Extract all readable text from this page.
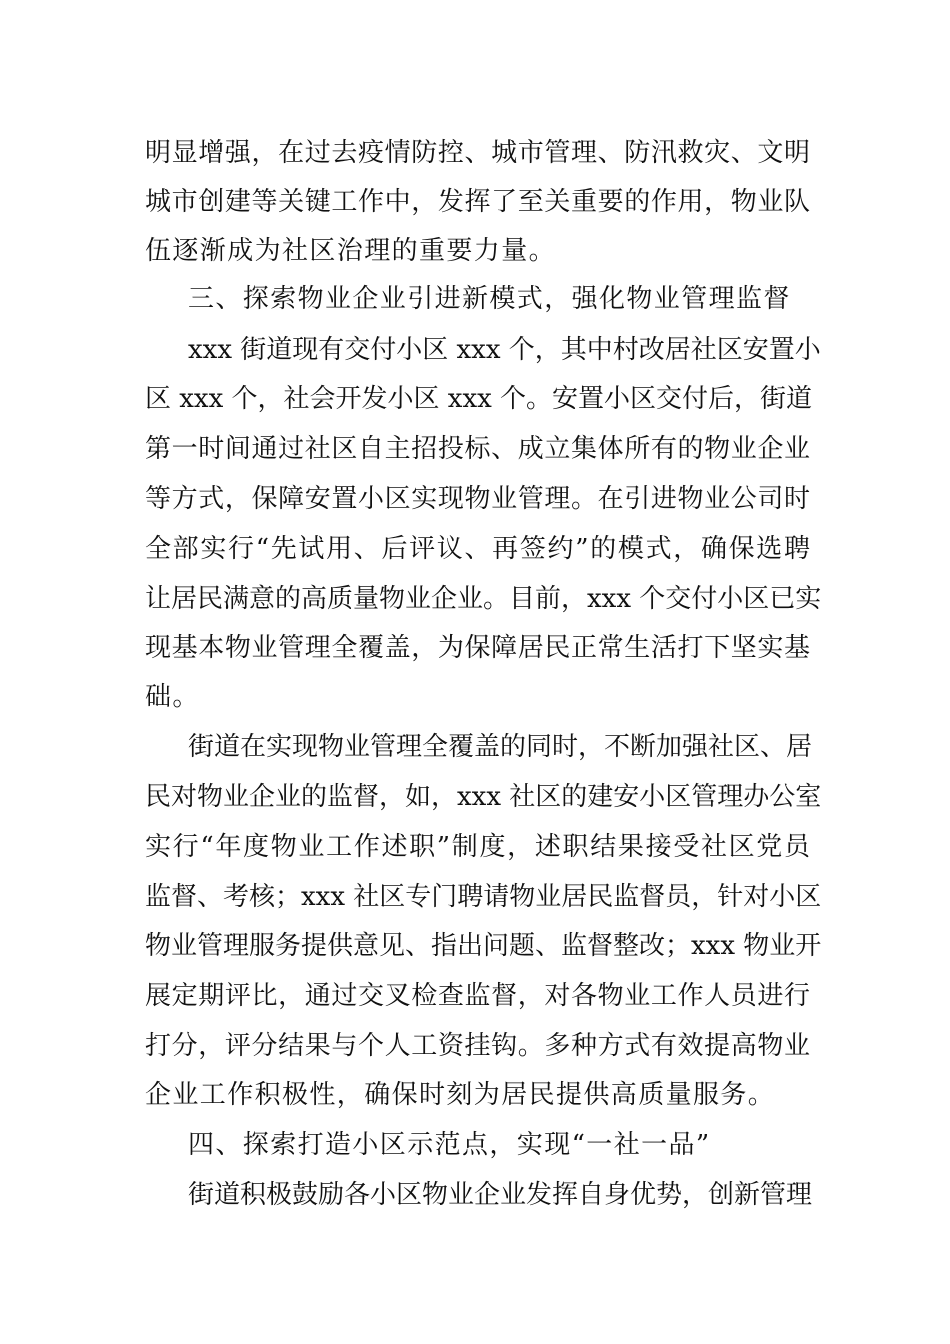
明显增强，在过去疫情防控、城市管理、防汛救灾、文明

城市创建等关键工作中，发挥了至关重要的作用，物业队

伍逐渐成为社区治理的重要力量。

三、探索物业企业引进新模式，强化物业管理监督

xxx 街道现有交付小区 xxx 个，其中村改居社区安置小

区 xxx 个，社会开发小区 xxx 个。安置小区交付后，街道

第一时间通过社区自主招投标、成立集体所有的物业企业

等方式，保障安置小区实现物业管理。在引进物业公司时

全部实行“先试用、后评议、再签约”的模式，确保选聘

让居民满意的高质量物业企业。目前，xxx 个交付小区已实

现基本物业管理全覆盖，为保障居民正常生活打下坚实基

础。

街道在实现物业管理全覆盖的同时，不断加强社区、居

民对物业企业的监督，如，xxx 社区的建安小区管理办公室

实行“年度物业工作述职”制度，述职结果接受社区党员

监督、考核；xxx 社区专门聘请物业居民监督员，针对小区

物业管理服务提供意见、指出问题、监督整改；xxx 物业开

展定期评比，通过交叉检查监督，对各物业工作人员进行

打分，评分结果与个人工资挂钩。多种方式有效提高物业

企业工作积极性，确保时刻为居民提供高质量服务。

四、探索打造小区示范点，实现“一社一品”

街道积极鼓励各小区物业企业发挥自身优势，创新管理
